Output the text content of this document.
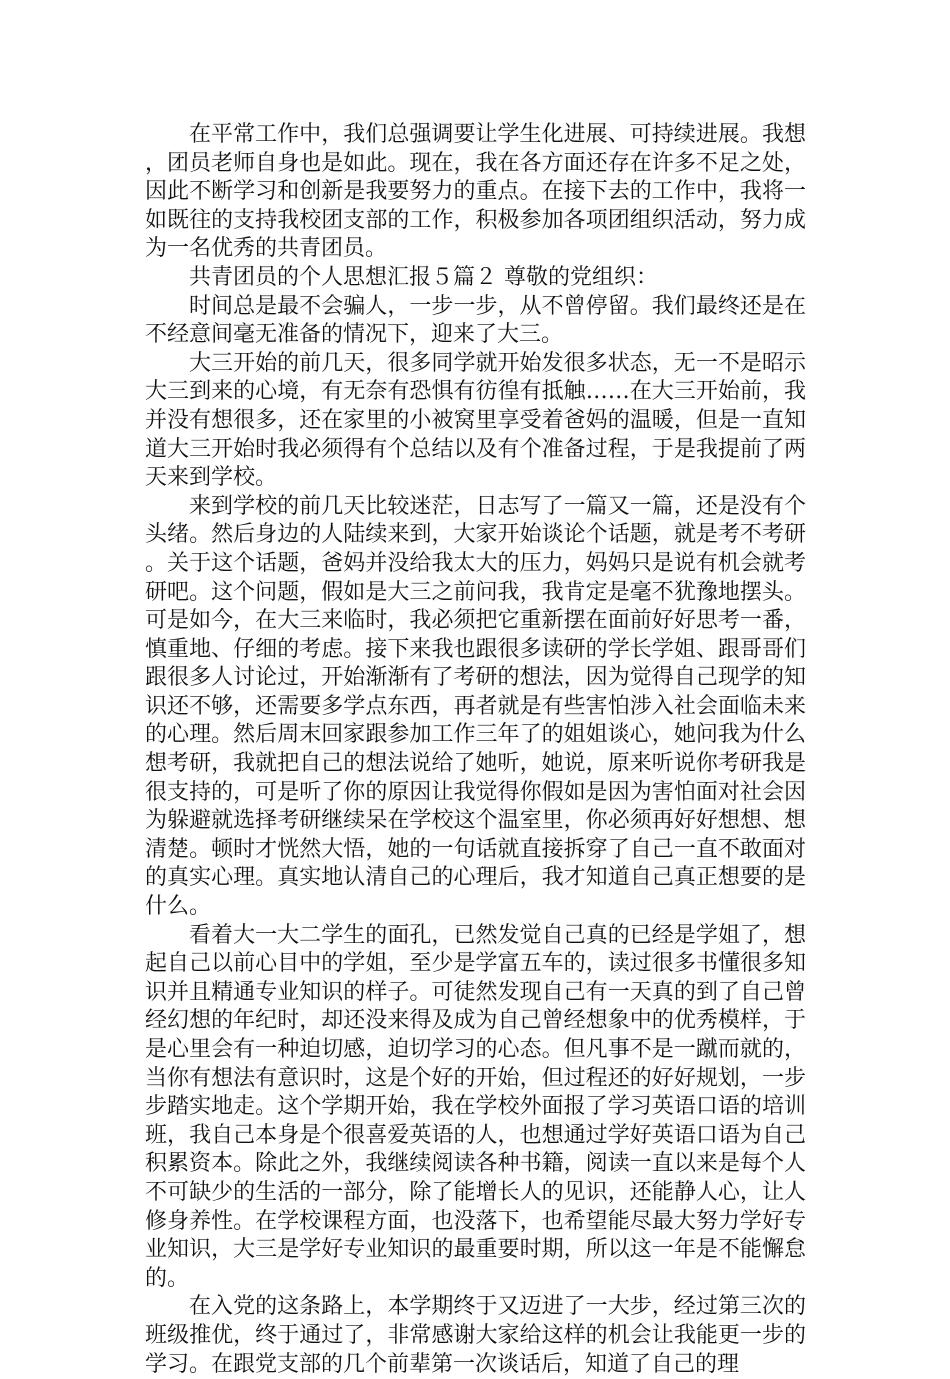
在平常工作中，我们总强调要让学生化进展、可持续进展。我想，团员老师自身也是如此。现在，我在各方面还存在许多不足之处，因此不断学习和创新是我要努力的重点。在接下去的工作中，我将一如既往的支持我校团支部的工作，积极参加各项团组织活动，努力成为一名优秀的共青团员。

共青团员的个人思想汇报５篇２ 尊敬的党组织：

时间总是最不会骗人，一步一步，从不曾停留。我们最终还是在不经意间毫无准备的情况下，迎来了大三。

大三开始的前几天，很多同学就开始发很多状态，无一不是昭示大三到来的心境，有无奈有恐惧有彷徨有抵触……在大三开始前，我并没有想很多，还在家里的小被窝里享受着爸妈的温暖，但是一直知道大三开始时我必须得有个总结以及有个准备过程，于是我提前了两天来到学校。

来到学校的前几天比较迷茫，日志写了一篇又一篇，还是没有个头绪。然后身边的人陆续来到，大家开始谈论个话题，就是考不考研。关于这个话题，爸妈并没给我太大的压力，妈妈只是说有机会就考研吧。这个问题，假如是大三之前问我，我肯定是毫不犹豫地摆头。可是如今，在大三来临时，我必须把它重新摆在面前好好思考一番，慎重地、仔细的考虑。接下来我也跟很多读研的学长学姐、跟哥哥们跟很多人讨论过，开始渐渐有了考研的想法，因为觉得自己现学的知识还不够，还需要多学点东西，再者就是有些害怕涉入社会面临未来的心理。然后周末回家跟参加工作三年了的姐姐谈心，她问我为什么想考研，我就把自己的想法说给了她听，她说，原来听说你考研我是很支持的，可是听了你的原因让我觉得你假如是因为害怕面对社会因为躲避就选择考研继续呆在学校这个温室里，你必须再好好想想、想清楚。顿时才恍然大悟，她的一句话就直接拆穿了自己一直不敢面对的真实心理。真实地认清自己的心理后，我才知道自己真正想要的是什么。

看着大一大二学生的面孔，已然发觉自己真的已经是学姐了，想起自己以前心目中的学姐，至少是学富五车的，读过很多书懂很多知识并且精通专业知识的样子。可徒然发现自己有一天真的到了自己曾经幻想的年纪时，却还没来得及成为自己曾经想象中的优秀模样，于是心里会有一种迫切感，迫切学习的心态。但凡事不是一蹴而就的，当你有想法有意识时，这是个好的开始，但过程还的好好规划，一步步踏实地走。这个学期开始，我在学校外面报了学习英语口语的培训班，我自己本身是个很喜爱英语的人，也想通过学好英语口语为自己积累资本。除此之外，我继续阅读各种书籍，阅读一直以来是每个人不可缺少的生活的一部分，除了能增长人的见识，还能静人心，让人修身养性。在学校课程方面，也没落下，也希望能尽最大努力学好专业知识，大三是学好专业知识的最重要时期，所以这一年是不能懈怠的。

在入党的这条路上，本学期终于又迈进了一大步，经过第三次的班级推优，终于通过了，非常感谢大家给这样的机会让我能更一步的学习。在跟党支部的几个前辈第一次谈话后，知道了自己的理
